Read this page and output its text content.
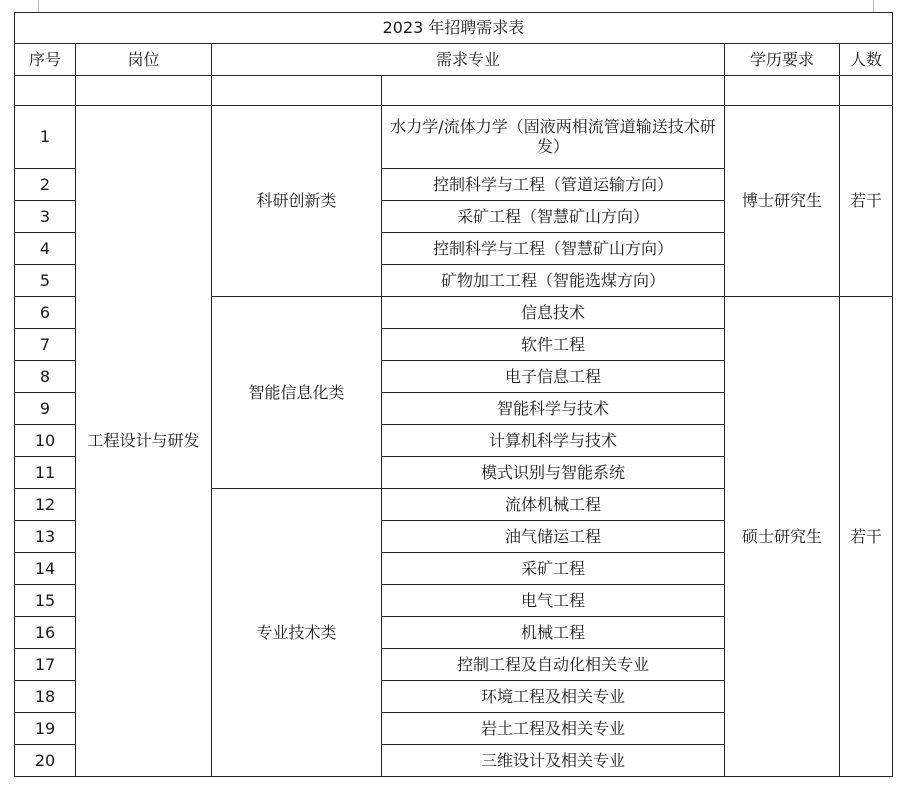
2023 年招聘需求表					
序号	岗位	需求专业		学历要求	人数

1	工程设计与研发	科研创新类	水力学/流体力学（固液两相流管道输送技术研发）	博士研究生	若干
2			控制科学与工程（管道运输方向）		
3			采矿工程（智慧矿山方向）		
4			控制科学与工程（智慧矿山方向）		
5			矿物加工工程（智能选煤方向）		
6		智能信息化类	信息技术	硕士研究生	若干
7			软件工程		
8			电子信息工程		
9			智能科学与技术		
10			计算机科学与技术		
11			模式识别与智能系统		
12		专业技术类	流体机械工程		
13			油气储运工程		
14			采矿工程		
15			电气工程		
16			机械工程		
17			控制工程及自动化相关专业		
18			环境工程及相关专业		
19			岩土工程及相关专业		
20			三维设计及相关专业		
